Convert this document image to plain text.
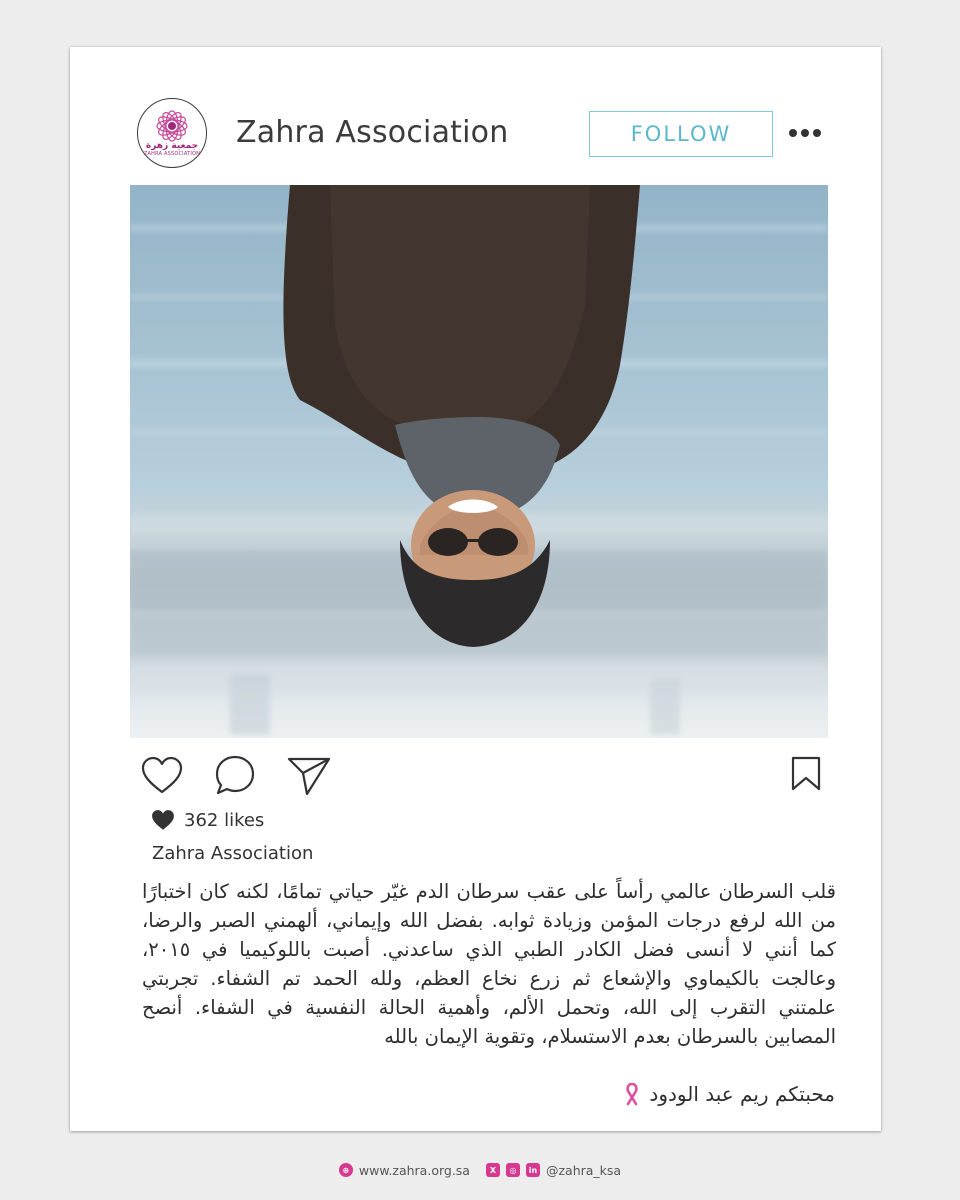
جمعية زهرة
ZAHRA ASSOCIATION
Zahra Association	FOLLOW
362 likes
Zahra Association

قلب السرطان عالمي رأساً على عقب سرطان الدم غيّر حياتي تمامًا، لكنه كان اختبارًا من الله لرفع درجات المؤمن وزيادة ثوابه. بفضل الله وإيماني، ألهمني الصبر والرضا، كما أنني لا أنسى فضل الكادر الطبي الذي ساعدني. أصبت باللوكيميا في ٢٠١٥، وعالجت بالكيماوي والإشعاع ثم زرع نخاع العظم، ولله الحمد تم الشفاء. تجربتي علمتني التقرب إلى الله، وتحمل الألم، وأهمية الحالة النفسية في الشفاء. أنصح المصابين بالسرطان بعدم الاستسلام، وتقوية الإيمان بالله

محبتكم ريم عبد الودود
⊕ www.zahra.org.sa	X	◎	in @zahra_ksa
